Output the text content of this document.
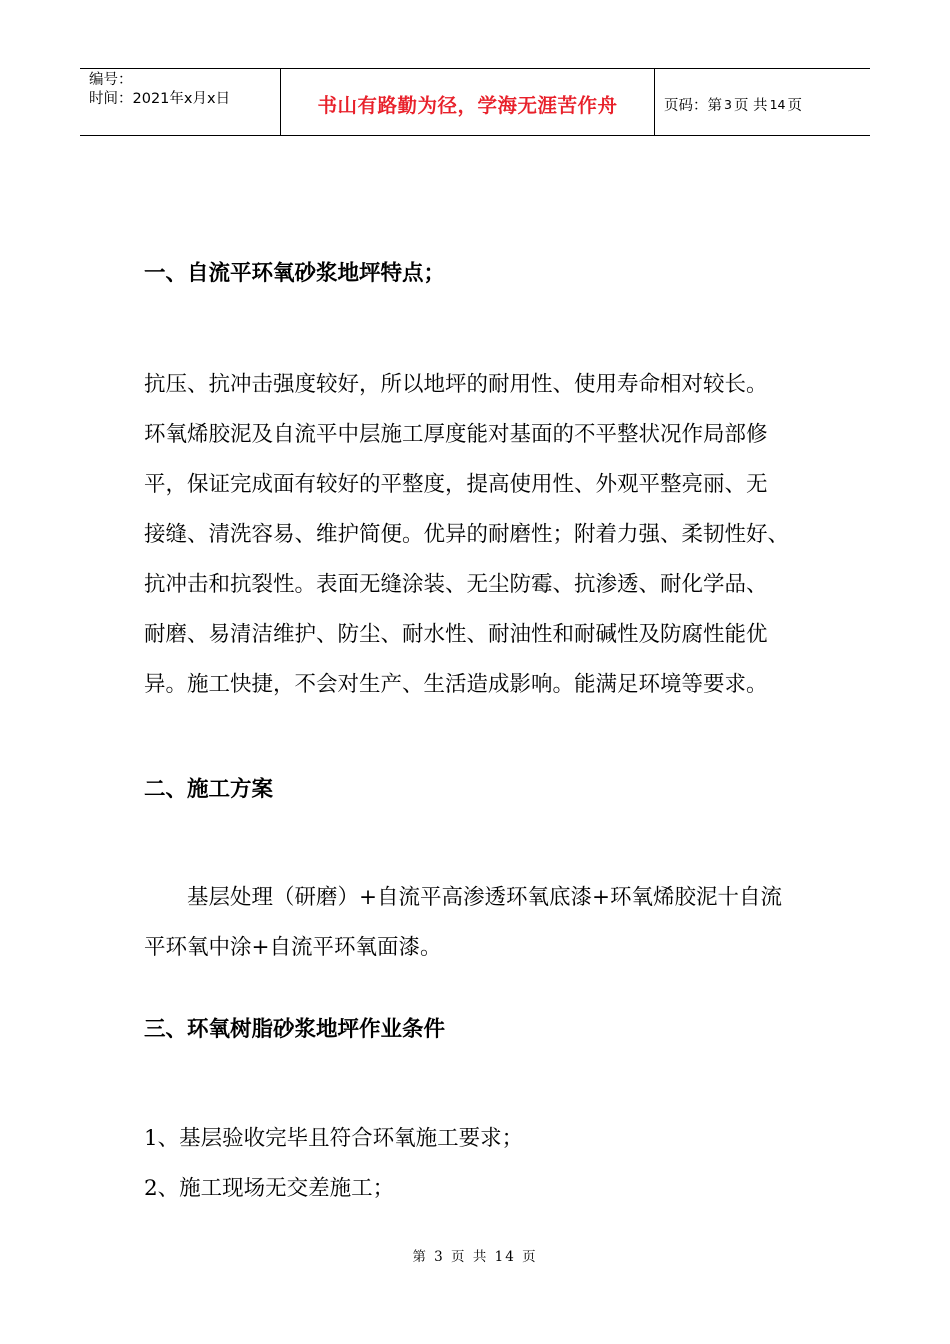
编号：
时间：2021年x月x日	书山有路勤为径，学海无涯苦作舟	页码：第 3 页 共 14 页
一、自流平环氧砂浆地坪特点；
抗压、抗冲击强度较好，所以地坪的耐用性、使用寿命相对较长。
环氧烯胶泥及自流平中层施工厚度能对基面的不平整状况作局部修
平，保证完成面有较好的平整度，提高使用性、外观平整亮丽、无
接缝、清洗容易、维护简便。优异的耐磨性；附着力强、柔韧性好、
抗冲击和抗裂性。表面无缝涂装、无尘防霉、抗渗透、耐化学品、
耐磨、易清洁维护、防尘、耐水性、耐油性和耐碱性及防腐性能优
异。施工快捷，不会对生产、生活造成影响。能满足环境等要求。
二、施工方案
基层处理（研磨）+自流平高渗透环氧底漆+环氧烯胶泥十自流
平环氧中涂+自流平环氧面漆。
三、环氧树脂砂浆地坪作业条件
1、基层验收完毕且符合环氧施工要求；
2、施工现场无交差施工；
第 3 页 共 14 页
